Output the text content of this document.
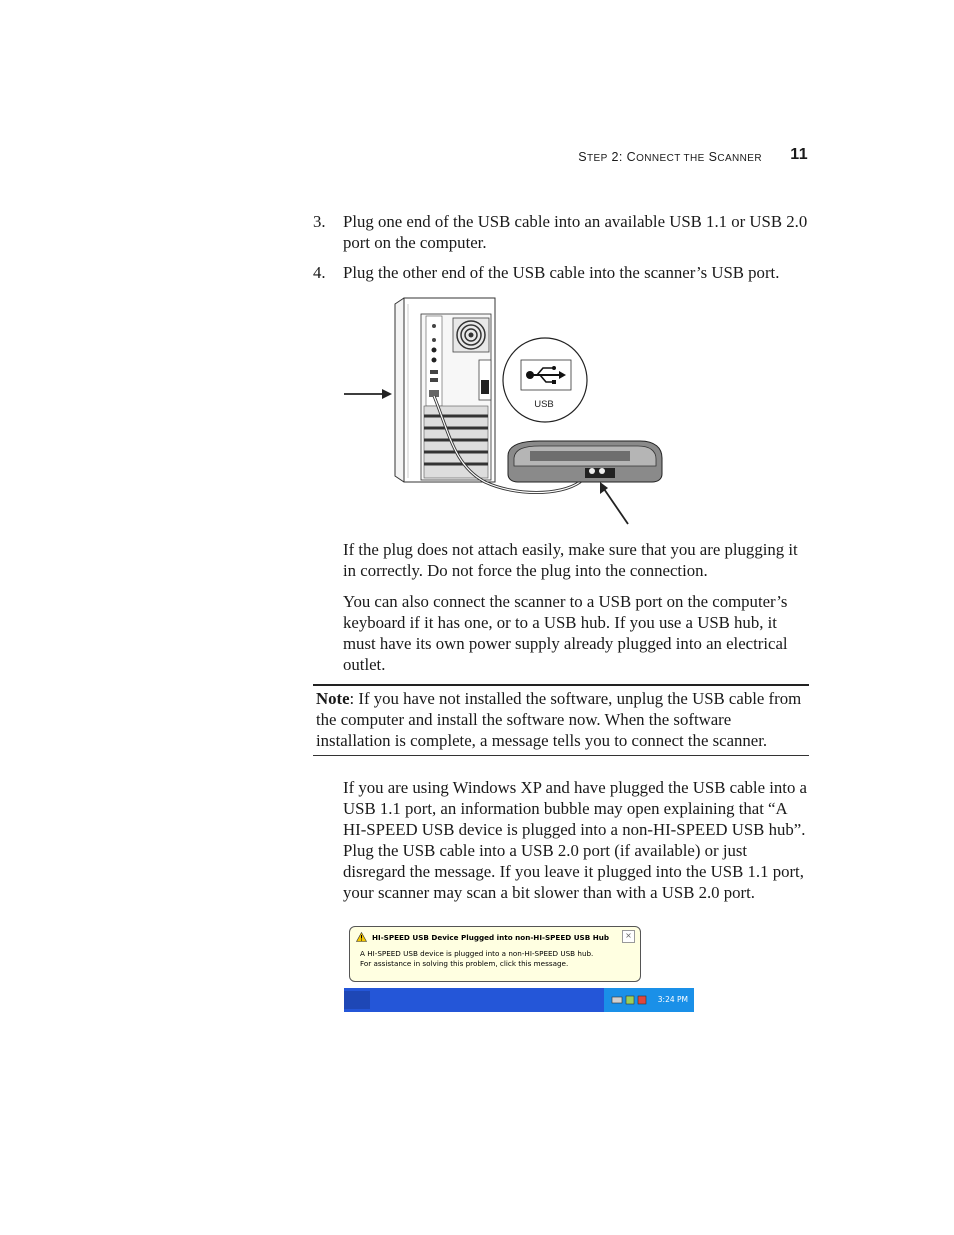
STEP 2: CONNECT THE SCANNER 11
3. Plug one end of the USB cable into an available USB 1.1 or USB 2.0 port on the computer.
4. Plug the other end of the USB cable into the scanner’s USB port.
USB
If the plug does not attach easily, make sure that you are plugging it in correctly. Do not force the plug into the connection.
You can also connect the scanner to a USB port on the computer’s keyboard if it has one, or to a USB hub. If you use a USB hub, it must have its own power supply already plugged into an electrical outlet.
Note: If you have not installed the software, unplug the USB cable from the computer and install the software now. When the software installation is complete, a message tells you to connect the scanner.
If you are using Windows XP and have plugged the USB cable into a USB 1.1 port, an information bubble may open explaining that “A HI-SPEED USB device is plugged into a non-HI-SPEED USB hub”. Plug the USB cable into a USB 2.0 port (if available) or just disregard the message. If you leave it plugged into the USB 1.1 port, your scanner may scan a bit slower than with a USB 2.0 port.
3:24 PM
HI-SPEED USB Device Plugged into non-HI-SPEED USB Hub
A HI-SPEED USB device is plugged into a non-HI-SPEED USB hub.
For assistance in solving this problem, click this message.
×
